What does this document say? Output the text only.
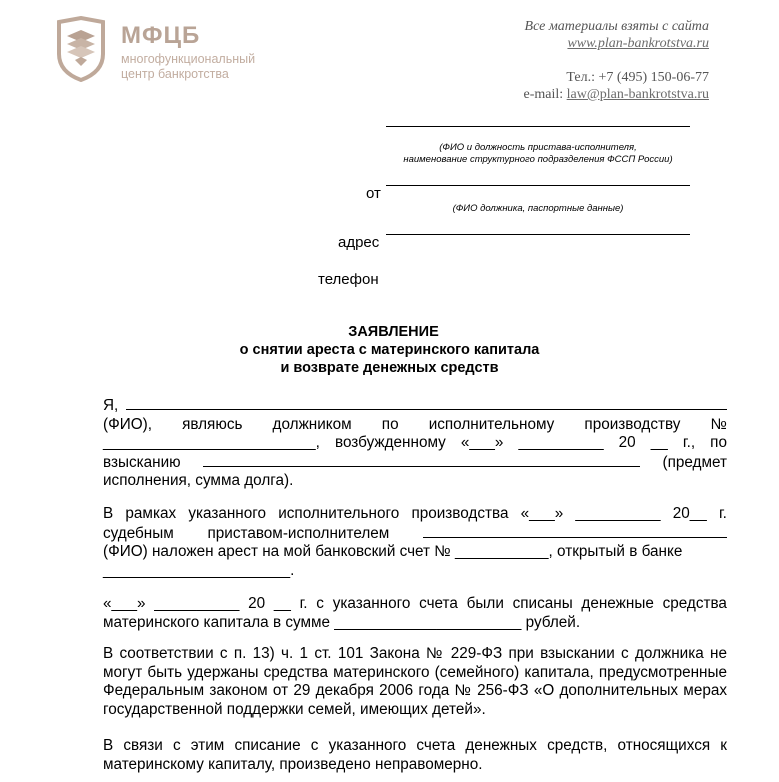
МФЦБ
многофункциональный
центр банкротства
Все материалы взяты с сайта
www.plan-bankrotstva.ru
Тел.: +7 (495) 150-06-77
e-mail: law@plan-bankrotstva.ru
(ФИО и должность пристава-исполнителя,
наименование структурного подразделения ФССП России)
от
(ФИО должника, паспортные данные)
адрес
телефон
ЗАЯВЛЕНИЕ
о снятии ареста с материнского капитала
и возврате денежных средств
Я,
(ФИО), являюсь должником по исполнительному производству №
_________________________, возбужденному «___» __________ 20 __ г., по
взысканию	(предмет
исполнения, сумма долга).
В рамках указанного исполнительного производства «___» __________ 20__ г.
судебным приставом-исполнителем
(ФИО) наложен арест на мой банковский счет № ___________, открытый в банке
______________________.
«___» __________ 20 __ г. с указанного счета были списаны денежные средства
материнского капитала в сумме ______________________ рублей.
В соответствии с п. 13) ч. 1 ст. 101 Закона № 229-ФЗ при взыскании с должника не могут быть удержаны средства материнского (семейного) капитала, предусмотренные Федеральным законом от 29 декабря 2006 года № 256-ФЗ «О дополнительных мерах государственной поддержки семей, имеющих детей».
В связи с этим списание с указанного счета денежных средств, относящихся к материнскому капиталу, произведено неправомерно.
